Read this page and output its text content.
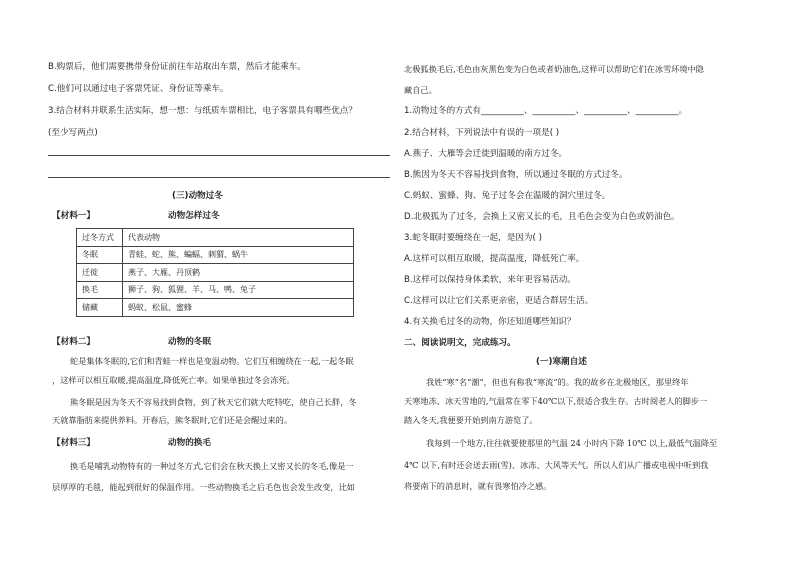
B.购票后，他们需要携带身份证前往车站取出车票，然后才能乘车。
C.他们可以通过电子客票凭证、身份证等乘车。
3.结合材料并联系生活实际，想一想：与纸质车票相比，电子客票具有哪些优点？
(至少写两点)
(三)动物过冬
【材料一】	动物怎样过冬
过冬方式	代表动物
冬眠	青蛙、蛇、熊、蝙蝠、刺猬、蜗牛
迁徙	燕子、大雁、丹顶鹤
换毛	狮子、狗、狐狸、羊、马、鸭、兔子
储藏	蚂蚁、松鼠、蜜蜂
【材料二】	动物的冬眠
蛇是集体冬眠的,它们和青蛙一样也是变温动物。它们互相缠绕在一起,一起冬眠
，这样可以相互取暖,提高温度,降低死亡率。如果单独过冬会冻死。
熊冬眠是因为冬天不容易找到食物，到了秋天它们就大吃特吃，使自己长胖，冬
天就靠脂肪来提供养料。开春后，熊冬眠时,它们还是会醒过来的。
【材料三】	动物的换毛
换毛是哺乳动物特有的一种过冬方式,它们会在秋天换上又密又长的冬毛,像是一
层厚厚的毛毯，能起到很好的保温作用。一些动物换毛之后毛色也会发生改变，比如
北极狐换毛后,毛色由灰黑色变为白色或者奶油色,这样可以帮助它们在冰雪环境中隐
藏自己。
1.动物过冬的方式有__________、__________、__________、__________。
2.结合材料，下列说法中有误的一项是( )
A.燕子、大雁等会迁徙到温暖的南方过冬。
B.熊因为冬天不容易找到食物，所以通过冬眠的方式过冬。
C.蚂蚁、蜜蜂、狗、兔子过冬会在温暖的洞穴里过冬。
D.北极狐为了过冬，会换上又密又长的毛，且毛色会变为白色或奶油色。
3.蛇冬眠时要缠绕在一起，是因为( )
A.这样可以相互取暖，提高温度，降低死亡率。
B.这样可以保持身体柔软，来年更容易活动。
C.这样可以让它们关系更亲密，更适合群居生活。
4.有关换毛过冬的动物，你还知道哪些知识？
二、阅读说明文，完成练习。
(一)寒潮自述
我姓“寒”名“潮”，但也有称我“寒流”的。我的故乡在北极地区，那里终年
天寒地冻、冰天雪地的,气温常在零下40℃以下,很适合我生存。古时阅老人的脚步一
踏入冬天,我便要开始到南方游览了。
我每到一个地方,往往就要使那里的气温 24 小时内下降 10℃ 以上,最低气温降至
4℃ 以下,有时还会送去雨(雪)、冰冻、大风等天气。所以人们从广播或电视中听到我
将要南下的消息时，就有畏寒怕冷之感。
